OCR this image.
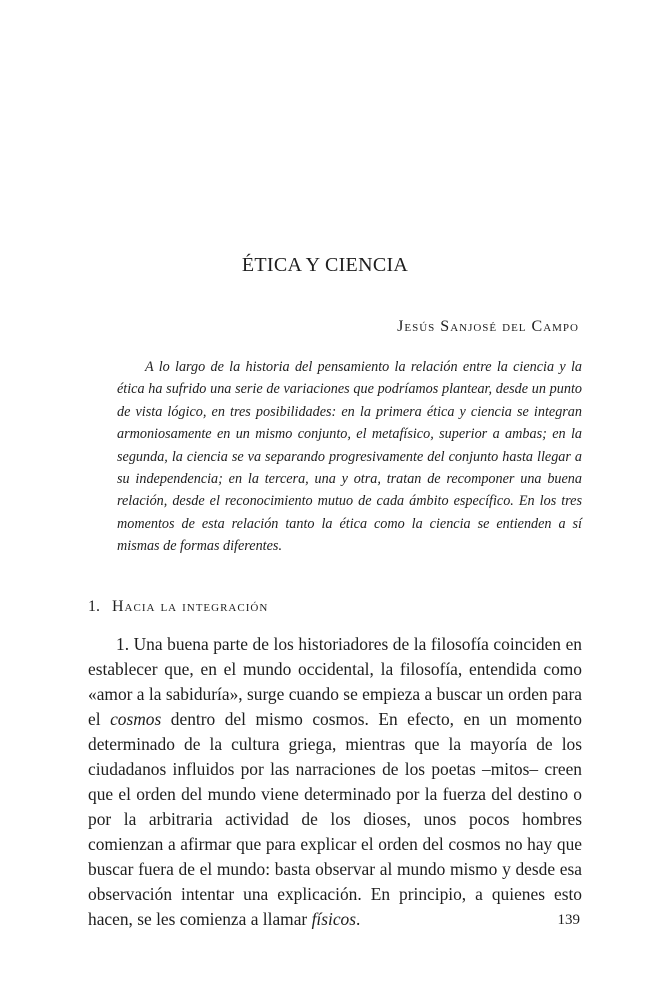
ÉTICA Y CIENCIA
Jesús Sanjosé del Campo
A lo largo de la historia del pensamiento la relación entre la ciencia y la ética ha sufrido una serie de variaciones que podríamos plantear, desde un punto de vista lógico, en tres posibilidades: en la primera ética y ciencia se integran armoniosamente en un mismo conjunto, el metafísico, superior a ambas; en la segunda, la ciencia se va separando progresivamente del conjunto hasta llegar a su independencia; en la tercera, una y otra, tratan de recomponer una buena relación, desde el reconocimiento mutuo de cada ámbito específico. En los tres momentos de esta relación tanto la ética como la ciencia se entienden a sí mismas de formas diferentes.
1. Hacia la integración
1. Una buena parte de los historiadores de la filosofía coinciden en establecer que, en el mundo occidental, la filosofía, entendida como «amor a la sabiduría», surge cuando se empieza a buscar un orden para el cosmos dentro del mismo cosmos. En efecto, en un momento determinado de la cultura griega, mientras que la mayoría de los ciudadanos influidos por las narraciones de los poetas –mitos– creen que el orden del mundo viene determinado por la fuerza del destino o por la arbitraria actividad de los dioses, unos pocos hombres comienzan a afirmar que para explicar el orden del cosmos no hay que buscar fuera de el mundo: basta observar al mundo mismo y desde esa observación intentar una explicación. En principio, a quienes esto hacen, se les comienza a llamar físicos.	139
